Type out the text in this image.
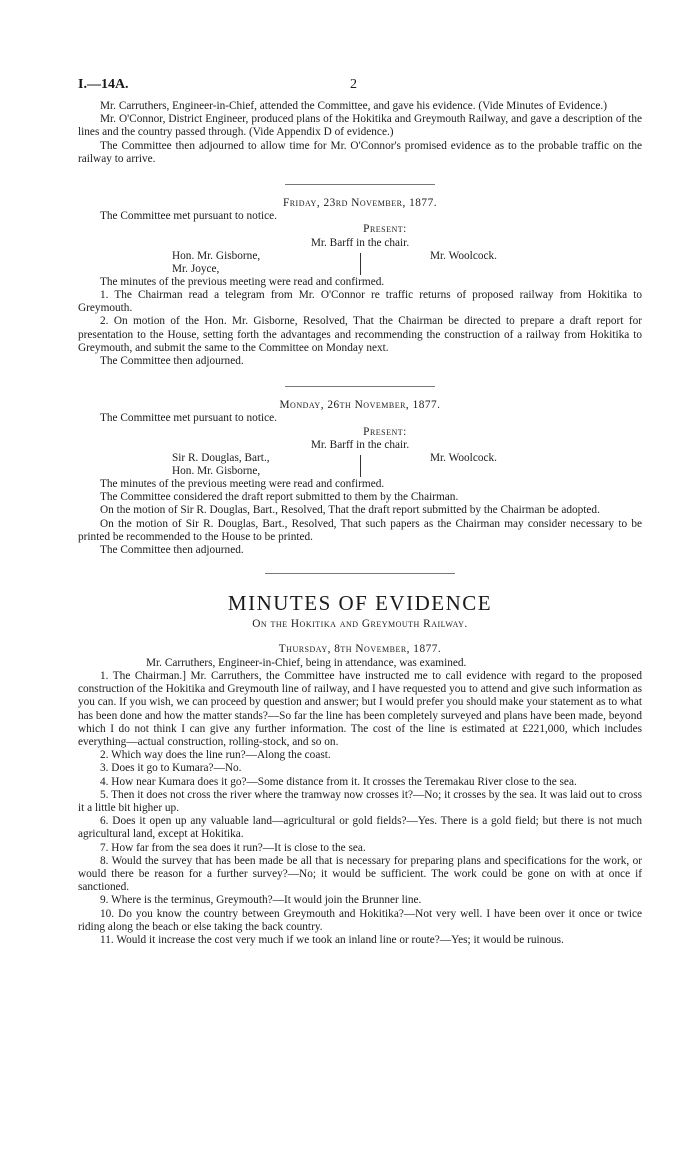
I.—14A.	2

Mr. Carruthers, Engineer-in-Chief, attended the Committee, and gave his evidence. (Vide Minutes of Evidence.)

Mr. O'Connor, District Engineer, produced plans of the Hokitika and Greymouth Railway, and gave a description of the lines and the country passed through. (Vide Appendix D of evidence.)

The Committee then adjourned to allow time for Mr. O'Connor's promised evidence as to the probable traffic on the railway to arrive.

Friday, 23rd November, 1877.

The Committee met pursuant to notice.

Present:

Mr. Barff in the chair.

Hon. Mr. Gisborne,
Mr. Joyce,
Mr. Woolcock.

The minutes of the previous meeting were read and confirmed.

1. The Chairman read a telegram from Mr. O'Connor re traffic returns of proposed railway from Hokitika to Greymouth.

2. On motion of the Hon. Mr. Gisborne, Resolved, That the Chairman be directed to prepare a draft report for presentation to the House, setting forth the advantages and recommending the construction of a railway from Hokitika to Greymouth, and submit the same to the Committee on Monday next.

The Committee then adjourned.

Monday, 26th November, 1877.

The Committee met pursuant to notice.

Present:

Mr. Barff in the chair.

Sir R. Douglas, Bart.,
Hon. Mr. Gisborne,
Mr. Woolcock.

The minutes of the previous meeting were read and confirmed.

The Committee considered the draft report submitted to them by the Chairman.

On the motion of Sir R. Douglas, Bart., Resolved, That the draft report submitted by the Chairman be adopted.

On the motion of Sir R. Douglas, Bart., Resolved, That such papers as the Chairman may consider necessary to be printed be recommended to the House to be printed.

The Committee then adjourned.

MINUTES OF EVIDENCE

On the Hokitika and Greymouth Railway.

Thursday, 8th November, 1877.

Mr. Carruthers, Engineer-in-Chief, being in attendance, was examined.

1. The Chairman.] Mr. Carruthers, the Committee have instructed me to call evidence with regard to the proposed construction of the Hokitika and Greymouth line of railway, and I have requested you to attend and give such information as you can. If you wish, we can proceed by question and answer; but I would prefer you should make your statement as to what has been done and how the matter stands?—So far the line has been completely surveyed and plans have been made, beyond which I do not think I can give any further information. The cost of the line is estimated at £221,000, which includes everything—actual construction, rolling-stock, and so on.

2. Which way does the line run?—Along the coast.

3. Does it go to Kumara?—No.

4. How near Kumara does it go?—Some distance from it. It crosses the Teremakau River close to the sea.

5. Then it does not cross the river where the tramway now crosses it?—No; it crosses by the sea. It was laid out to cross it a little bit higher up.

6. Does it open up any valuable land—agricultural or gold fields?—Yes. There is a gold field; but there is not much agricultural land, except at Hokitika.

7. How far from the sea does it run?—It is close to the sea.

8. Would the survey that has been made be all that is necessary for preparing plans and specifications for the work, or would there be reason for a further survey?—No; it would be sufficient. The work could be gone on with at once if sanctioned.

9. Where is the terminus, Greymouth?—It would join the Brunner line.

10. Do you know the country between Greymouth and Hokitika?—Not very well. I have been over it once or twice riding along the beach or else taking the back country.

11. Would it increase the cost very much if we took an inland line or route?—Yes; it would be ruinous.
